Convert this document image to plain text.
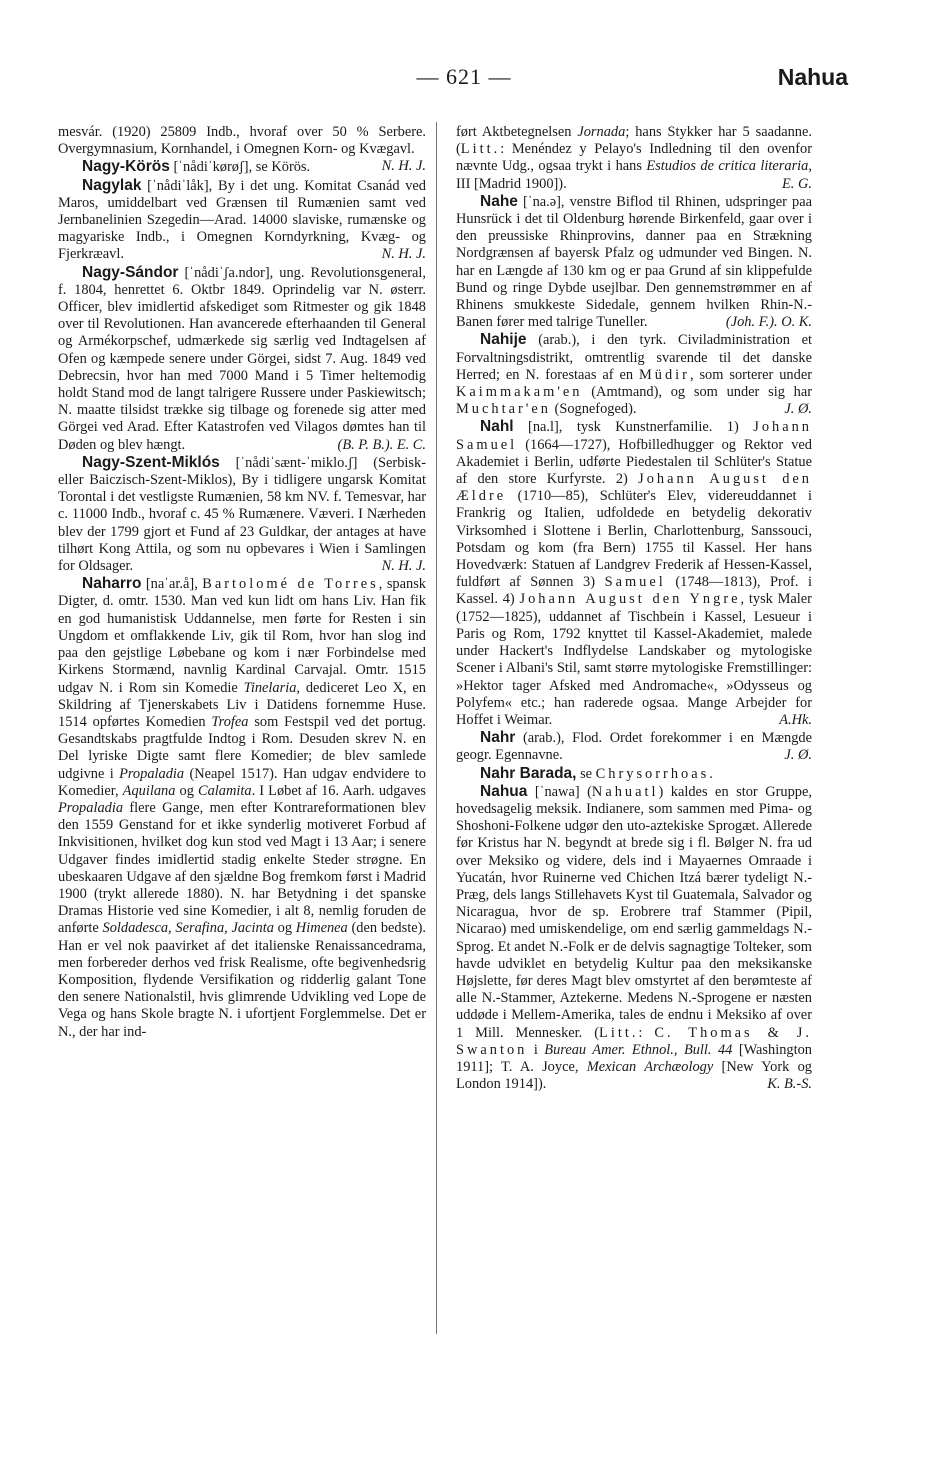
— 621 —	Nahua

mesvár. (1920) 25809 Indb., hvoraf over 50 % Serbere. Overgymnasium, Kornhandel, i Omegnen Korn- og Kvægavl.
N. H. J.

Nagy-Körös [ˈnådiˈkørøʃ], se Körös.

Nagylak [ˈnådiˈlåk], By i det ung. Komitat Csanád ved Maros, umiddelbart ved Grænsen til Rumænien samt ved Jernbanelinien Szegedin—Arad. 14000 slaviske, rumænske og magyariske Indb., i Omegnen Korndyrkning, Kvæg- og Fjerkræavl.	N. H. J.

Nagy-Sándor [ˈnådiˈʃa.ndor], ung. Revolutionsgeneral, f. 1804, henrettet 6. Oktbr 1849. Oprindelig var N. østerr. Officer, blev imidlertid afskediget som Ritmester og gik 1848 over til Revolutionen. Han avancerede efterhaanden til General og Armékorpschef, udmærkede sig særlig ved Indtagelsen af Ofen og kæmpede senere under Görgei, sidst 7. Aug. 1849 ved Debrecsin, hvor han med 7000 Mand i 5 Timer heltemodig holdt Stand mod de langt talrigere Russere under Paskiewitsch; N. maatte tilsidst trække sig tilbage og forenede sig atter med Görgei ved Arad. Efter Katastrofen ved Vilagos dømtes han til Døden og blev hængt.	(B. P. B.). E. C.

Nagy-Szent-Miklós [ˈnådiˈsænt-ˈmiklo.ʃ] (Serbisk- eller Baiczisch-Szent-Miklos), By i tidligere ungarsk Komitat Torontal i det vestligste Rumænien, 58 km NV. f. Temesvar, har c. 11000 Indb., hvoraf c. 45 % Rumænere. Væveri. I Nærheden blev der 1799 gjort et Fund af 23 Guldkar, der antages at have tilhørt Kong Attila, og som nu opbevares i Wien i Samlingen for Oldsager.	N. H. J.

Naharro [naˈar.å], Bartolomé de Torres, spansk Digter, d. omtr. 1530. Man ved kun lidt om hans Liv. Han fik en god humanistisk Uddannelse, men førte for Resten i sin Ungdom et omflakkende Liv, gik til Rom, hvor han slog ind paa den gejstlige Løbebane og kom i nær Forbindelse med Kirkens Stormænd, navnlig Kardinal Carvajal. Omtr. 1515 udgav N. i Rom sin Komedie Tinelaria, dediceret Leo X, en Skildring af Tjenerskabets Liv i Datidens fornemme Huse. 1514 opførtes Komedien Trofea som Festspil ved det portug. Gesandtskabs pragtfulde Indtog i Rom. Desuden skrev N. en Del lyriske Digte samt flere Komedier; de blev samlede udgivne i Propaladia (Neapel 1517). Han udgav endvidere to Komedier, Aquilana og Calamita. I Løbet af 16. Aarh. udgaves Propaladia flere Gange, men efter Kontrareformationen blev den 1559 Genstand for et ikke synderlig motiveret Forbud af Inkvisitionen, hvilket dog kun stod ved Magt i 13 Aar; i senere Udgaver findes imidlertid stadig enkelte Steder strøgne. En ubeskaaren Udgave af den sjældne Bog fremkom først i Madrid 1900 (trykt allerede 1880). N. har Betydning i det spanske Dramas Historie ved sine Komedier, i alt 8, nemlig foruden de anførte Soldadesca, Serafina, Jacinta og Himenea (den bedste). Han er vel nok paavirket af det italienske Renaissancedrama, men forbereder derhos ved frisk Realisme, ofte begivenhedsrig Komposition, flydende Versifikation og ridderlig galant Tone den senere Nationalstil, hvis glimrende Udvikling ved Lope de Vega og hans Skole bragte N. i ufortjent Forglemmelse. Det er N., der har ind-

ført Aktbetegnelsen Jornada; hans Stykker har 5 saadanne. (Litt.: Menéndez y Pelayo's Indledning til den ovenfor nævnte Udg., ogsaa trykt i hans Estudios de critica literaria, III [Madrid 1900]).	E. G.

Nahe [ˈna.ə], venstre Biflod til Rhinen, udspringer paa Hunsrück i det til Oldenburg hørende Birkenfeld, gaar over i den preussiske Rhinprovins, danner paa en Strækning Nordgrænsen af bayersk Pfalz og udmunder ved Bingen. N. har en Længde af 130 km og er paa Grund af sin klippefulde Bund og ringe Dybde usejlbar. Den gennemstrømmer en af Rhinens smukkeste Sidedale, gennem hvilken Rhin-N.-Banen fører med talrige Tuneller.	(Joh. F.). O. K.

Nahije (arab.), i den tyrk. Civiladministration et Forvaltningsdistrikt, omtrentlig svarende til det danske Herred; en N. forestaas af en Müdir, som sorterer under Kaimmakam'en (Amtmand), og som under sig har Muchtar'en (Sognefoged).	J. Ø.

Nahl [na.l], tysk Kunstnerfamilie. 1) Johann Samuel (1664—1727), Hofbilledhugger og Rektor ved Akademiet i Berlin, udførte Piedestalen til Schlüter's Statue af den store Kurfyrste. 2) Johann August den Ældre (1710—85), Schlüter's Elev, videreuddannet i Frankrig og Italien, udfoldede en betydelig dekorativ Virksomhed i Slottene i Berlin, Charlottenburg, Sanssouci, Potsdam og kom (fra Bern) 1755 til Kassel. Her hans Hovedværk: Statuen af Landgrev Frederik af Hessen-Kassel, fuldført af Sønnen 3) Samuel (1748—1813), Prof. i Kassel. 4) Johann August den Yngre, tysk Maler (1752—1825), uddannet af Tischbein i Kassel, Lesueur i Paris og Rom, 1792 knyttet til Kassel-Akademiet, malede under Hackert's Indflydelse Landskaber og mytologiske Scener i Albani's Stil, samt større mytologiske Fremstillinger: »Hektor tager Afsked med Andromache«, »Odysseus og Polyfem« etc.; han raderede ogsaa. Mange Arbejder for Hoffet i Weimar.	A.Hk.

Nahr (arab.), Flod. Ordet forekommer i en Mængde geogr. Egennavne.	J. Ø.

Nahr Barada, se Chrysorrhoas.

Nahua [ˈnawa] (Nahuatl) kaldes en stor Gruppe, hovedsagelig meksik. Indianere, som sammen med Pima- og Shoshoni-Folkene udgør den uto-aztekiske Sprogæt. Allerede før Kristus har N. begyndt at brede sig i fl. Bølger N. fra ud over Meksiko og videre, dels ind i Mayaernes Omraade i Yucatán, hvor Ruinerne ved Chichen Itzá bærer tydeligt N.-Præg, dels langs Stillehavets Kyst til Guatemala, Salvador og Nicaragua, hvor de sp. Erobrere traf Stammer (Pipil, Nicarao) med umiskendelige, om end særlig gammeldags N.-Sprog. Et andet N.-Folk er de delvis sagnagtige Tolteker, som havde udviklet en betydelig Kultur paa den meksikanske Højslette, før deres Magt blev omstyrtet af den berømteste af alle N.-Stammer, Aztekerne. Medens N.-Sprogene er næsten uddøde i Mellem-Amerika, tales de endnu i Meksiko af over 1 Mill. Mennesker. (Litt.: C. Thomas & J. Swanton i Bureau Amer. Ethnol., Bull. 44 [Washington 1911]; T. A. Joyce, Mexican Archæology [New York og London 1914]).	K. B.-S.
